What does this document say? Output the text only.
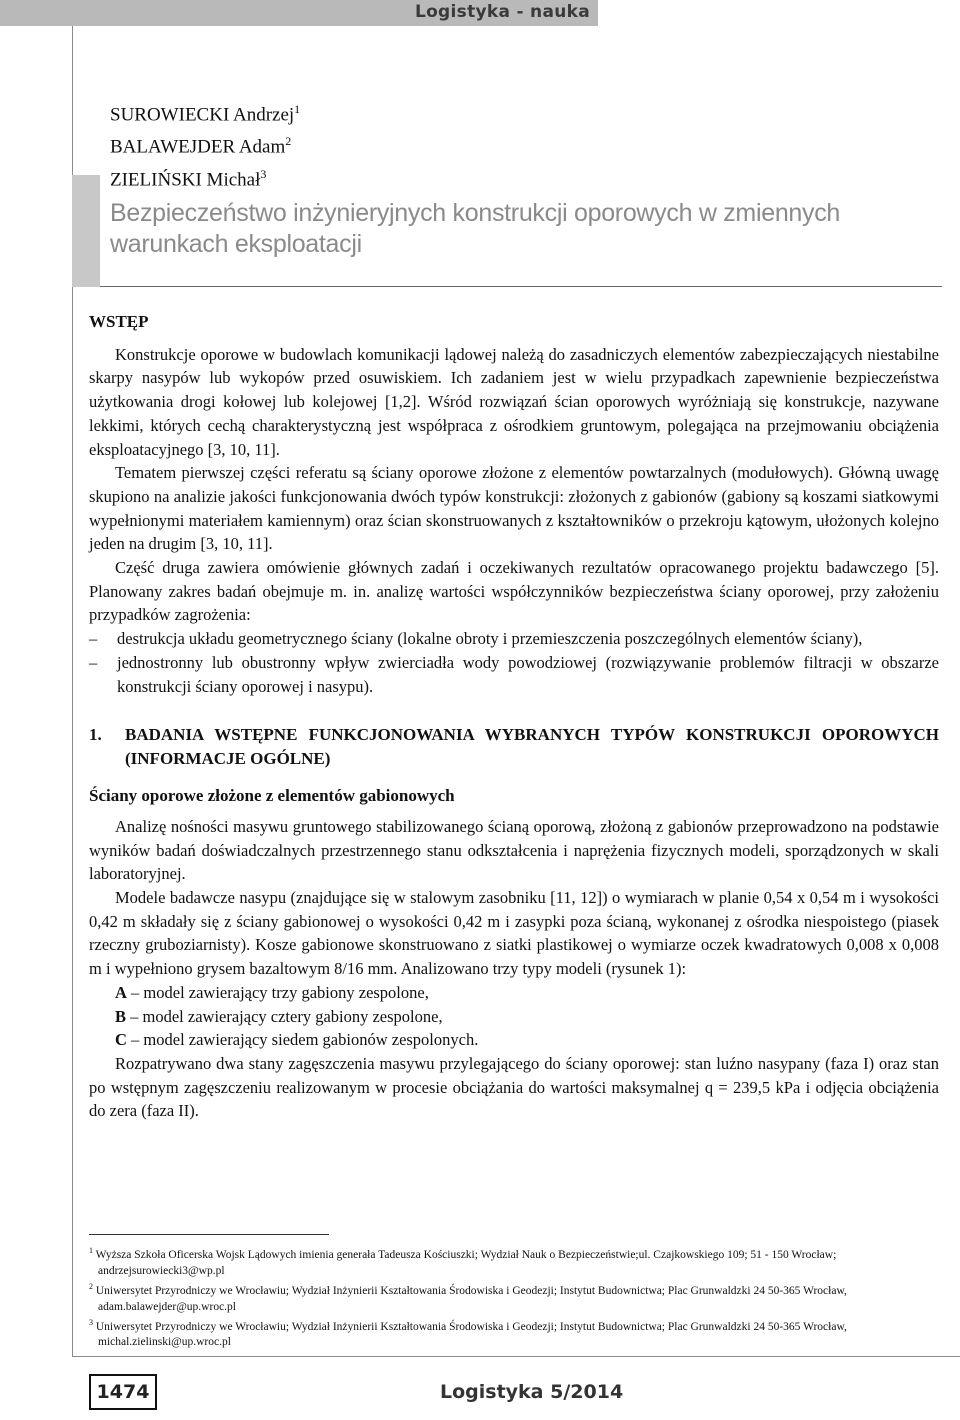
Logistyka - nauka
SUROWIECKI Andrzej$^1$
BALAWEJDER Adam$^2$
ZIELIŃSKI Michał$^3$
Bezpieczeństwo inżynieryjnych konstrukcji oporowych w zmiennych warunkach eksploatacji

WSTĘP

Konstrukcje oporowe w budowlach komunikacji lądowej należą do zasadniczych elementów zabezpieczających niestabilne skarpy nasypów lub wykopów przed osuwiskiem. Ich zadaniem jest w wielu przypadkach zapewnienie bezpieczeństwa użytkowania drogi kołowej lub kolejowej [1,2]. Wśród rozwiązań ścian oporowych wyróżniają się konstrukcje, nazywane lekkimi, których cechą charakterystyczną jest współpraca z ośrodkiem gruntowym, polegająca na przejmowaniu obciążenia eksploatacyjnego [3, 10, 11].

Tematem pierwszej części referatu są ściany oporowe złożone z elementów powtarzalnych (modułowych). Główną uwagę skupiono na analizie jakości funkcjonowania dwóch typów konstrukcji: złożonych z gabionów (gabiony są koszami siatkowymi wypełnionymi materiałem kamiennym) oraz ścian skonstruowanych z kształtowników o przekroju kątowym, ułożonych kolejno jeden na drugim [3, 10, 11].

Część druga zawiera omówienie głównych zadań i oczekiwanych rezultatów opracowanego projektu badawczego [5]. Planowany zakres badań obejmuje m. in. analizę wartości współczynników bezpieczeństwa ściany oporowej, przy założeniu przypadków zagrożenia:

– destrukcja układu geometrycznego ściany (lokalne obroty i przemieszczenia poszczególnych elementów ściany),
– jednostronny lub obustronny wpływ zwierciadła wody powodziowej (rozwiązywanie problemów filtracji w obszarze konstrukcji ściany oporowej i nasypu).

1.	BADANIA WSTĘPNE FUNKCJONOWANIA WYBRANYCH TYPÓW KONSTRUKCJI OPOROWYCH (INFORMACJE OGÓLNE)

Ściany oporowe złożone z elementów gabionowych

Analizę nośności masywu gruntowego stabilizowanego ścianą oporową, złożoną z gabionów przeprowadzono na podstawie wyników badań doświadczalnych przestrzennego stanu odkształcenia i naprężenia fizycznych modeli, sporządzonych w skali laboratoryjnej.

Modele badawcze nasypu (znajdujące się w stalowym zasobniku [11, 12]) o wymiarach w planie 0,54 x 0,54 m i wysokości 0,42 m składały się z ściany gabionowej o wysokości 0,42 m i zasypki poza ścianą, wykonanej z ośrodka niespoistego (piasek rzeczny gruboziarnisty). Kosze gabionowe skonstruowano z siatki plastikowej o wymiarze oczek kwadratowych 0,008 x 0,008 m i wypełniono grysem bazaltowym 8/16 mm. Analizowano trzy typy modeli (rysunek 1):

A – model zawierający trzy gabiony zespolone,

B – model zawierający cztery gabiony zespolone,

C – model zawierający siedem gabionów zespolonych.

Rozpatrywano dwa stany zagęszczenia masywu przylegającego do ściany oporowej: stan luźno nasypany (faza I) oraz stan po wstępnym zagęszczeniu realizowanym w procesie obciążania do wartości maksymalnej q = 239,5 kPa i odjęcia obciążenia do zera (faza II).

$^1$ Wyższa Szkoła Oficerska Wojsk Lądowych imienia generała Tadeusza Kościuszki; Wydział Nauk o Bezpieczeństwie;ul. Czajkowskiego 109; 51 - 150 Wrocław; andrzejsurowiecki3@wp.pl

$^2$ Uniwersytet Przyrodniczy we Wrocławiu; Wydział Inżynierii Kształtowania Środowiska i Geodezji; Instytut Budownictwa; Plac Grunwaldzki 24 50-365 Wrocław, adam.balawejder@up.wroc.pl

$^3$ Uniwersytet Przyrodniczy we Wrocławiu; Wydział Inżynierii Kształtowania Środowiska i Geodezji; Instytut Budownictwa; Plac Grunwaldzki 24 50-365 Wrocław, michal.zielinski@up.wroc.pl

1474	Logistyka 5/2014
